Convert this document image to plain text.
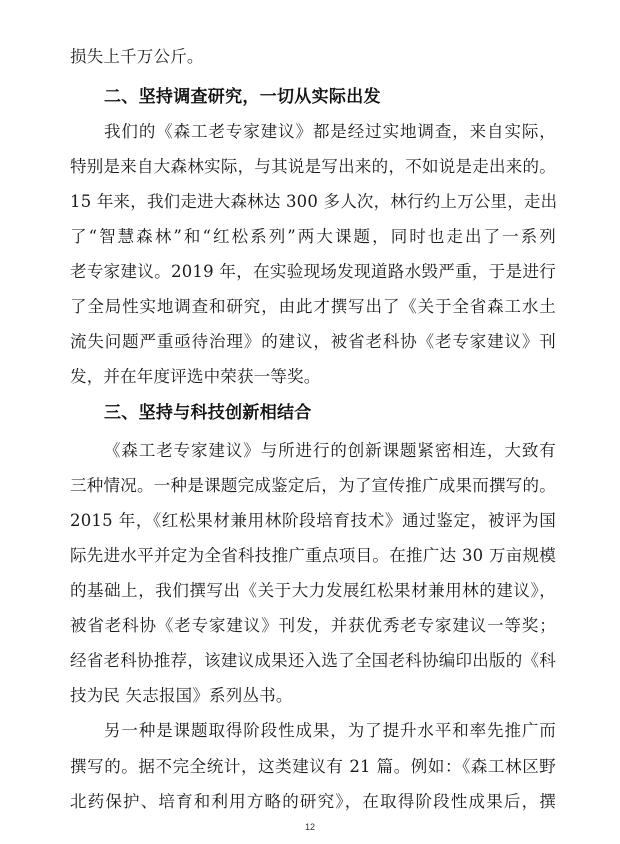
损失上千万公斤。
二、坚持调查研究，一切从实际出发
我们的《森工老专家建议》都是经过实地调查，来自实际，
特别是来自大森林实际，与其说是写出来的，不如说是走出来的。
15 年来，我们走进大森林达 300 多人次，林行约上万公里，走出
了“智慧森林”和“红松系列”两大课题，同时也走出了一系列
老专家建议。2019 年，在实验现场发现道路水毁严重，于是进行
了全局性实地调查和研究，由此才撰写出了《关于全省森工水土
流失问题严重亟待治理》的建议，被省老科协《老专家建议》刊
发，并在年度评选中荣获一等奖。
三、坚持与科技创新相结合
《森工老专家建议》与所进行的创新课题紧密相连，大致有
三种情况。一种是课题完成鉴定后，为了宣传推广成果而撰写的。
2015 年，《红松果材兼用林阶段培育技术》通过鉴定，被评为国
际先进水平并定为全省科技推广重点项目。在推广达 30 万亩规模
的基础上，我们撰写出《关于大力发展红松果材兼用林的建议》，
被省老科协《老专家建议》刊发，并获优秀老专家建议一等奖；
经省老科协推荐，该建议成果还入选了全国老科协编印出版的《科
技为民 矢志报国》系列丛书。
另一种是课题取得阶段性成果，为了提升水平和率先推广而
撰写的。据不完全统计，这类建议有 21 篇。例如：《森工林区野
北药保护、培育和利用方略的研究》，在取得阶段性成果后，撰
12
